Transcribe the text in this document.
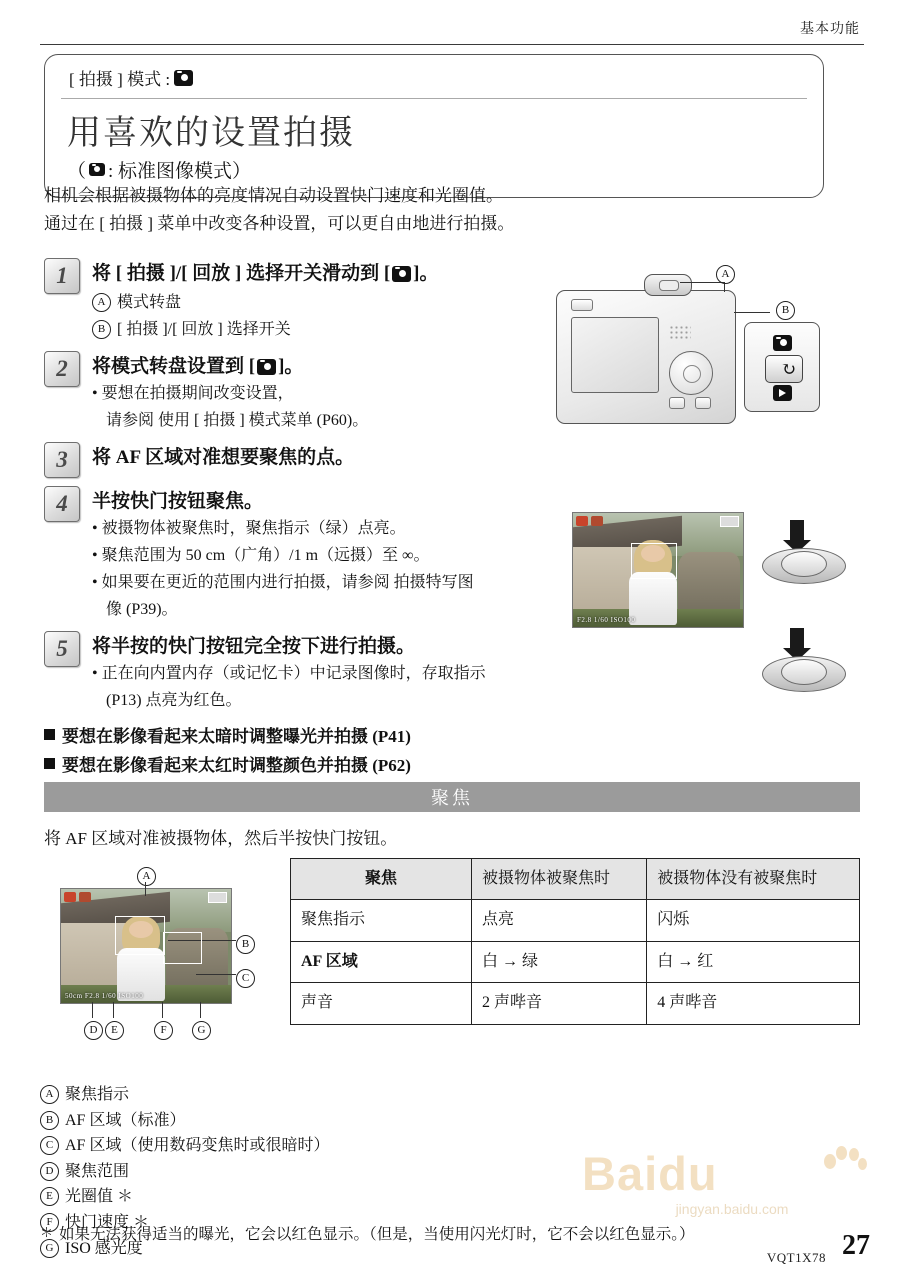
基本功能
[ 拍摄 ] 模式 :
用喜欢的设置拍摄
（ : 标准图像模式）
相机会根据被摄物体的亮度情况自动设置快门速度和光圈值。
通过在 [ 拍摄 ] 菜单中改变各种设置，可以更自由地进行拍摄。
1	将 [ 拍摄 ]/[ 回放 ] 选择开关滑动到 [ ]。
A 模式转盘
B [ 拍摄 ]/[ 回放 ] 选择开关
2	将模式转盘设置到 [ ]。
• 要想在拍摄期间改变设置，
请参阅 使用 [ 拍摄 ] 模式菜单 (P60)。
3	将 AF 区域对准想要聚焦的点。
4	半按快门按钮聚焦。
• 被摄物体被聚焦时，聚焦指示（绿）点亮。
• 聚焦范围为 50 cm（广角）/1 m（远摄）至 ∞。
• 如果要在更近的范围内进行拍摄，请参阅 拍摄特写图
像 (P39)。
5	将半按的快门按钮完全按下进行拍摄。
• 正在向内置内存（或记忆卡）中记录图像时，存取指示
(P13) 点亮为红色。
要想在影像看起来太暗时调整曝光并拍摄 (P41)
要想在影像看起来太红时调整颜色并拍摄 (P62)
↻
A
B
F2.8 1/60 ISO100
聚焦
将 AF 区域对准被摄物体，然后半按快门按钮。
50cm F2.8 1/60 ISO100
A
B
C
D	E	F	G
聚焦	被摄物体被聚焦时	被摄物体没有被聚焦时
聚焦指示	点亮	闪烁
AF 区域	白 → 绿	白 → 红
声音	2 声哔音	4 声哔音
A 聚焦指示
B AF 区域（标准）
C AF 区域（使用数码变焦时或很暗时）
D 聚焦范围
E 光圈值 ＊
F 快门速度 ＊
G ISO 感光度
＊ 如果无法获得适当的曝光，它会以红色显示。（但是，当使用闪光灯时，它不会以红色显示。）
Baidu
jingyan.baidu.com
VQT1X78 27
